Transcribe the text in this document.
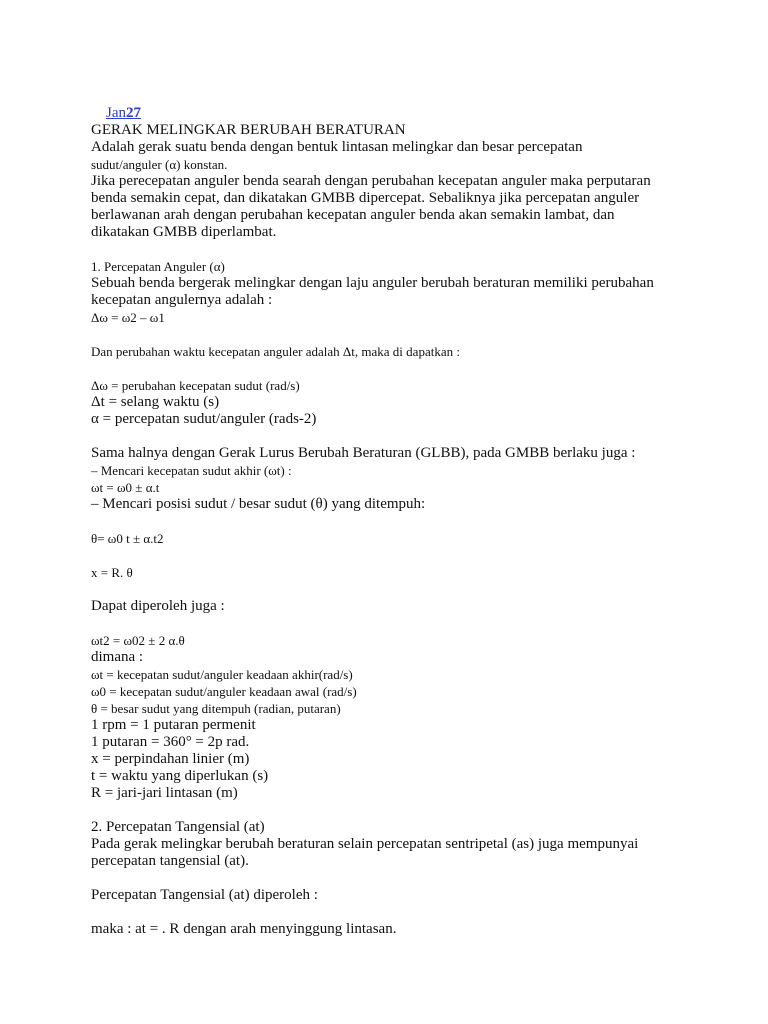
Jan27

GERAK MELINGKAR BERUBAH BERATURAN
Adalah gerak suatu benda dengan bentuk lintasan melingkar dan besar percepatan
sudut/anguler (α) konstan.
Jika perecepatan anguler benda searah dengan perubahan kecepatan anguler maka perputaran
benda semakin cepat, dan dikatakan GMBB dipercepat. Sebaliknya jika percepatan anguler
berlawanan arah dengan perubahan kecepatan anguler benda akan semakin lambat, dan
dikatakan GMBB diperlambat.
1. Percepatan Anguler (α)
Sebuah benda bergerak melingkar dengan laju anguler berubah beraturan memiliki perubahan
kecepatan angulernya adalah :
Δω = ω2 – ω1
Dan perubahan waktu kecepatan anguler adalah Δt, maka di dapatkan :
Δω = perubahan kecepatan sudut (rad/s)
Δt = selang waktu (s)
α = percepatan sudut/anguler (rads-2)
Sama halnya dengan Gerak Lurus Berubah Beraturan (GLBB), pada GMBB berlaku juga :
– Mencari kecepatan sudut akhir (ωt) :
ωt = ω0 ± α.t
– Mencari posisi sudut / besar sudut (θ) yang ditempuh:
θ= ω0 t ± α.t2
x = R. θ
Dapat diperoleh juga :
ωt2 = ω02 ± 2 α.θ
dimana :
ωt = kecepatan sudut/anguler keadaan akhir(rad/s)
ω0 = kecepatan sudut/anguler keadaan awal (rad/s)
θ = besar sudut yang ditempuh (radian, putaran)
1 rpm = 1 putaran permenit
1 putaran = 360° = 2p rad.
x = perpindahan linier (m)
t = waktu yang diperlukan (s)
R = jari-jari lintasan (m)
2. Percepatan Tangensial (at)
Pada gerak melingkar berubah beraturan selain percepatan sentripetal (as) juga mempunyai
percepatan tangensial (at).
Percepatan Tangensial (at) diperoleh :
maka : at = . R dengan arah menyinggung lintasan.
